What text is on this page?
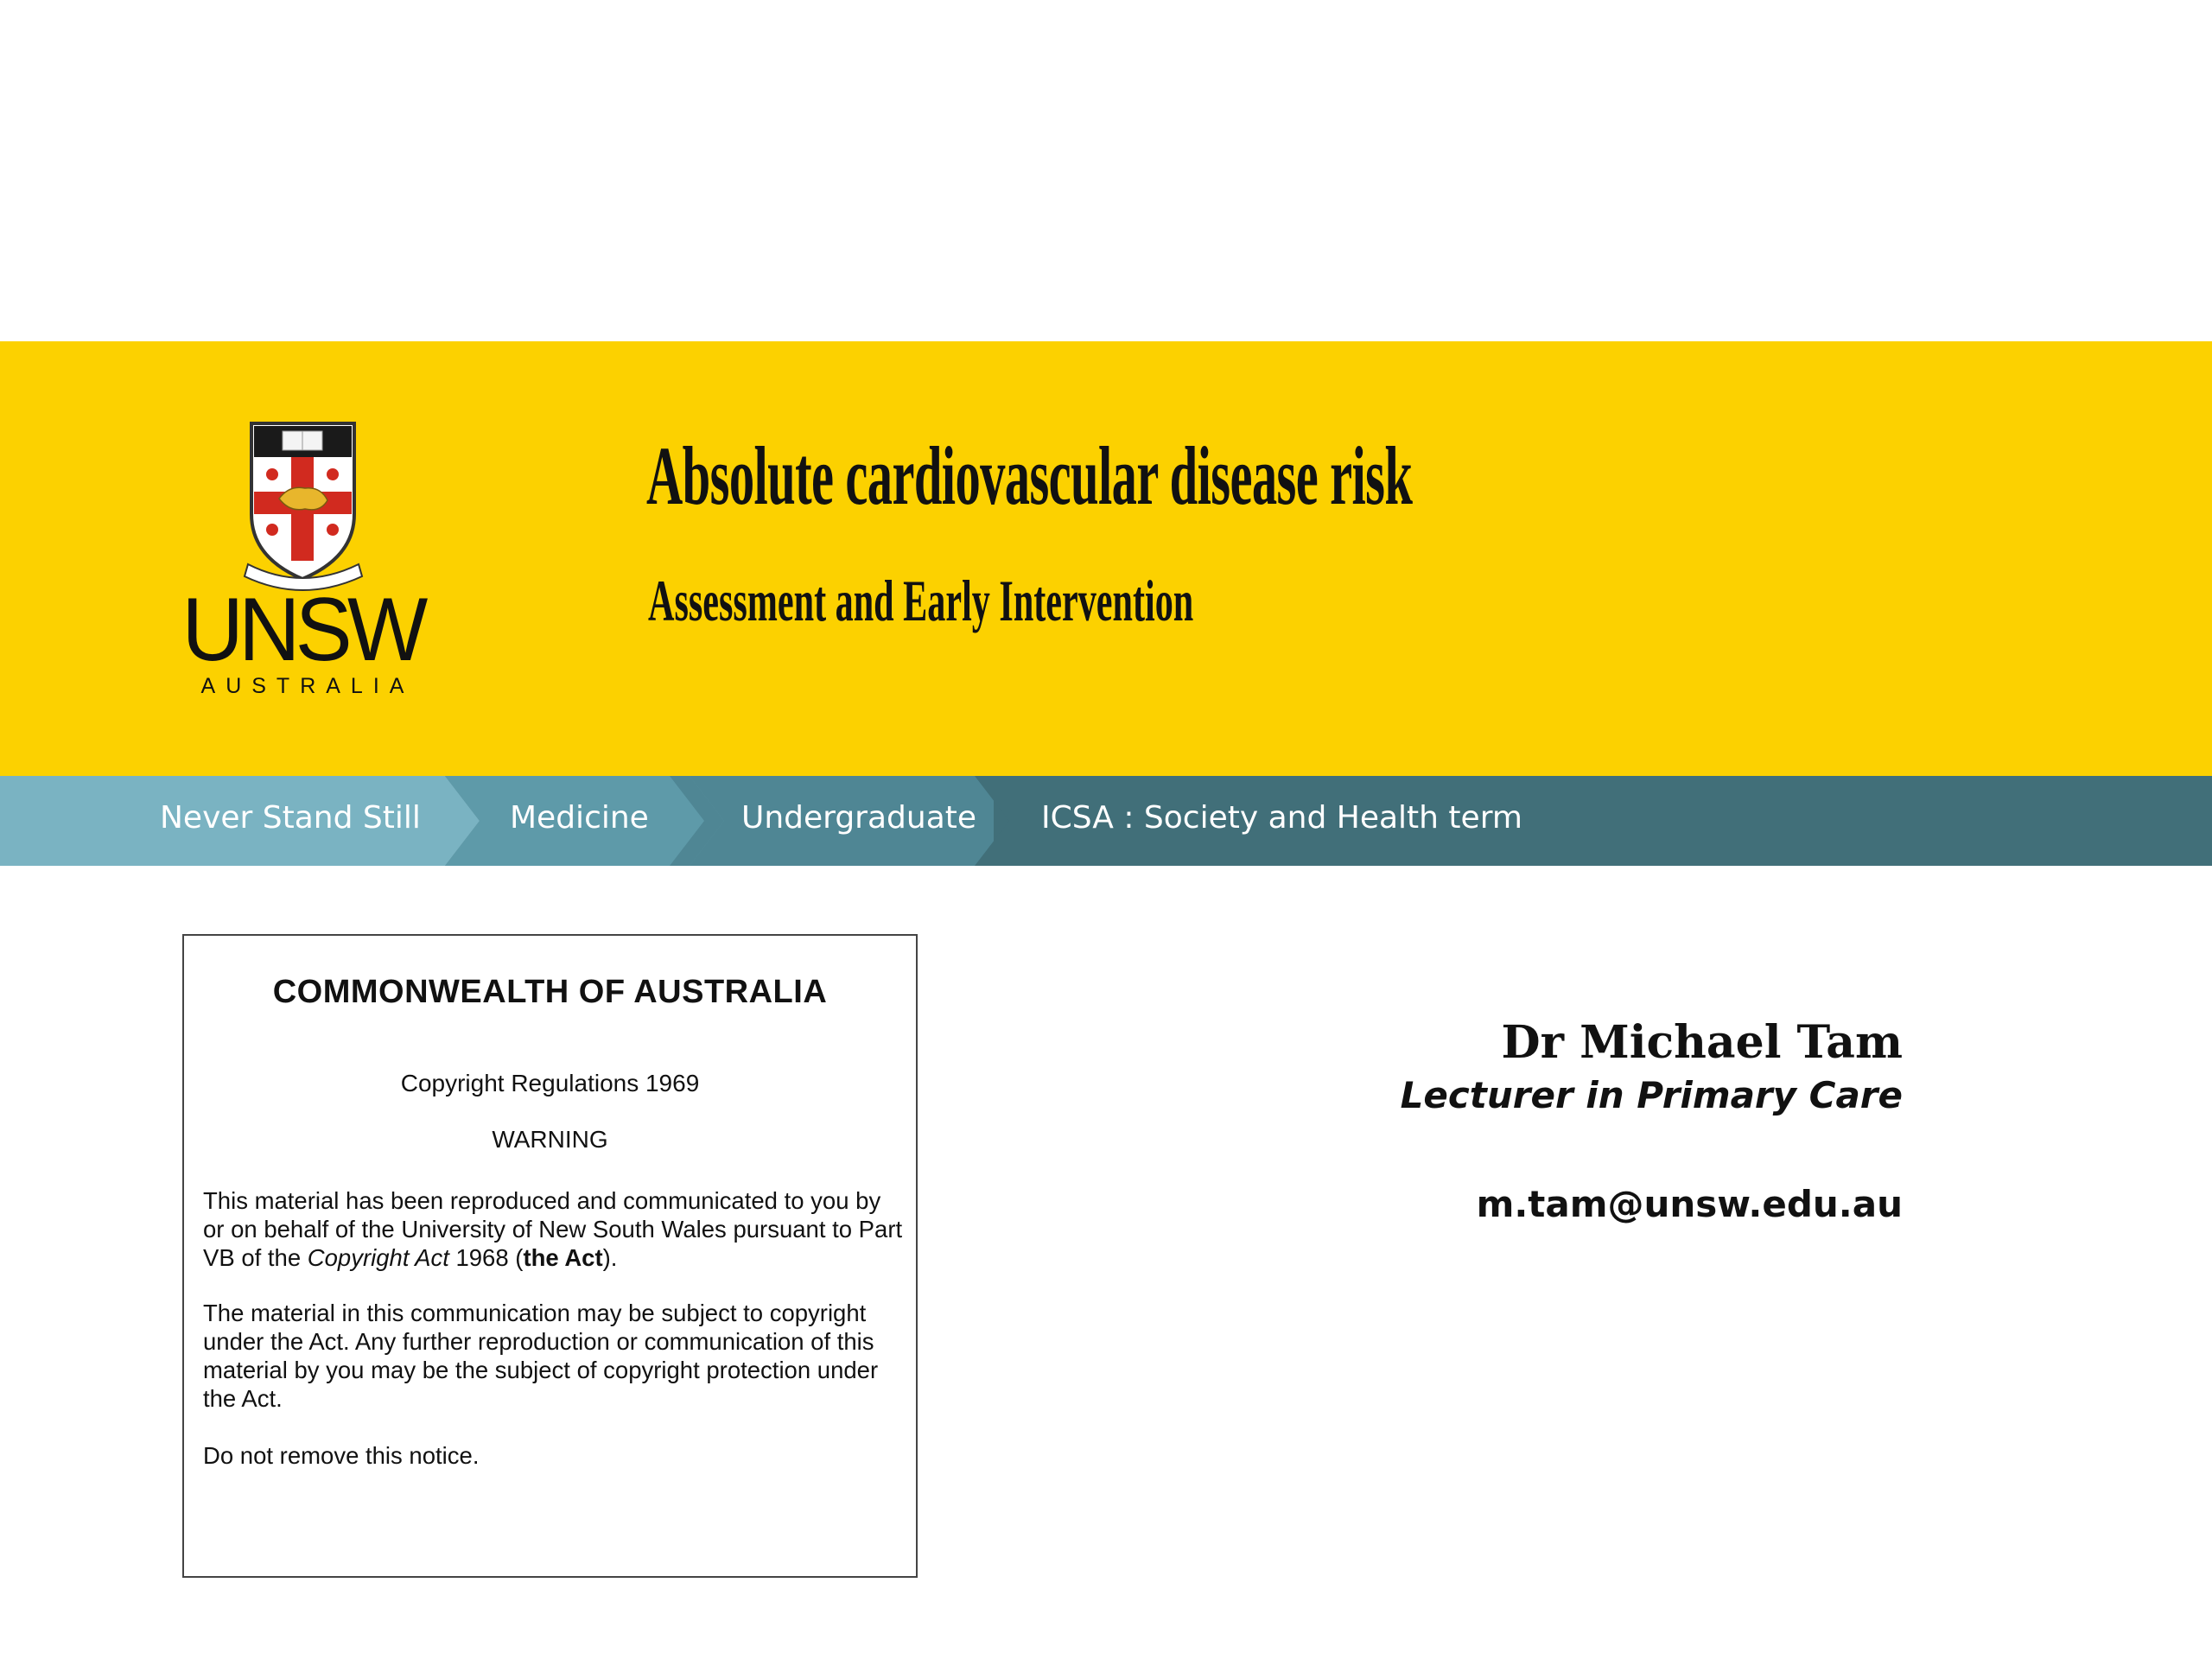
UNSW
AUSTRALIA
Absolute cardiovascular disease risk
Assessment and Early Intervention
Never Stand Still	Medicine	Undergraduate ICSA : Society and Health term
COMMONWEALTH OF AUSTRALIA
Copyright Regulations 1969
WARNING
This material has been reproduced and communicated to you by or on behalf of the University of New South Wales pursuant to Part VB of the Copyright Act 1968 (the Act).
The material in this communication may be subject to copyright under the Act. Any further reproduction or communication of this material by you may be the subject of copyright protection under the Act.
Do not remove this notice.
Dr Michael Tam
Lecturer in Primary Care
m.tam@unsw.edu.au
